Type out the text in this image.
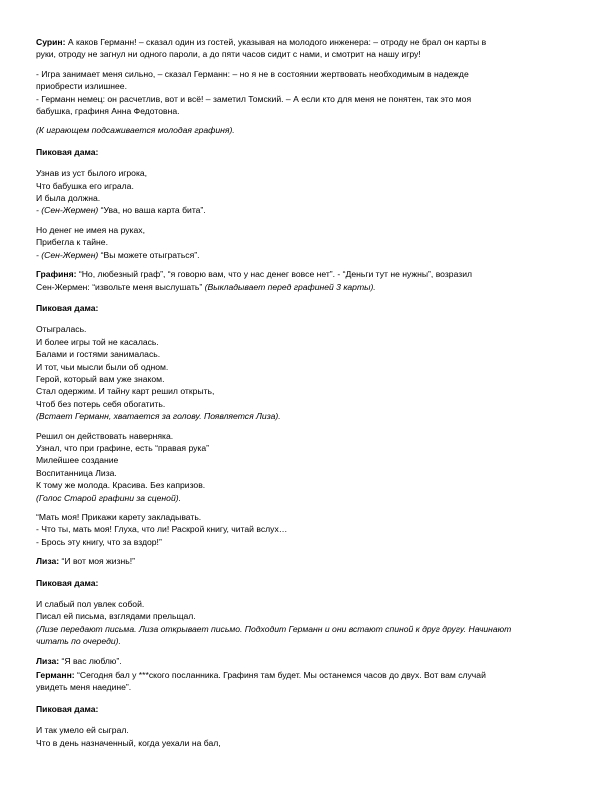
Сурин: А каков Германн! – сказал один из гостей, указывая на молодого инженера: – отроду не брал он карты в
руки, отроду не загнул ни одного пароли, а до пяти часов сидит с нами, и смотрит на нашу игру!
- Игра занимает меня сильно, – сказал Германн: – но я не в состоянии жертвовать необходимым в надежде
приобрести излишнее.
- Германн немец: он расчетлив, вот и всё! – заметил Томский. – А если кто для меня не понятен, так это моя
бабушка, графиня Анна Федотовна.
(К играющем подсаживается молодая графиня).
Пиковая дама:
Узнав из уст былого игрока,
Что бабушка его играла.
И была должна.
- (Сен-Жермен) “Ува, но ваша карта бита”.
Но денег не имея на руках,
Прибегла к тайне.
- (Сен-Жермен) “Вы можете отыграться”.
Графиня: “Но, любезный граф”, “я говорю вам, что у нас денег вовсе нет”. - “Деньги тут не нужны”, возразил
Сен-Жермен: “извольте меня выслушать” (Выкладывает перед графиней 3 карты).
Пиковая дама:
Отыгралась.
И более игры той не касалась.
Балами и гостями занималась.
И тот, чьи мысли были об одном.
Герой, который вам уже знаком.
Стал одержим. И тайну карт решил открыть,
Чтоб без потерь себя обогатить.
(Встает Германн, хватается за голову. Появляется Лиза).
Решил он действовать наверняка.
Узнал, что при графине, есть “правая рука”
Милейшее создание
Воспитанница Лиза.
К тому же молода. Красива. Без капризов.
(Голос Старой графини за сценой).
“Мать моя! Прикажи карету закладывать.
- Что ты, мать моя! Глуха, что ли! Раскрой книгу, читай вслух…
- Брось эту книгу, что за вздор!”
Лиза: “И вот моя жизнь!”
Пиковая дама:
И слабый пол увлек собой.
Писал ей письма, взглядами прельщал.
(Лизе передают письма. Лиза открывает письмо. Подходит Германн и они встают спиной к друг другу. Начинают
читать по очереди).
Лиза: “Я вас люблю”.
Германн: “Сегодня бал у ***ского посланника. Графиня там будет. Мы останемся часов до двух. Вот вам случай
увидеть меня наедине”.
Пиковая дама:
И так умело ей сыграл.
Что в день назначенный, когда уехали на бал,
